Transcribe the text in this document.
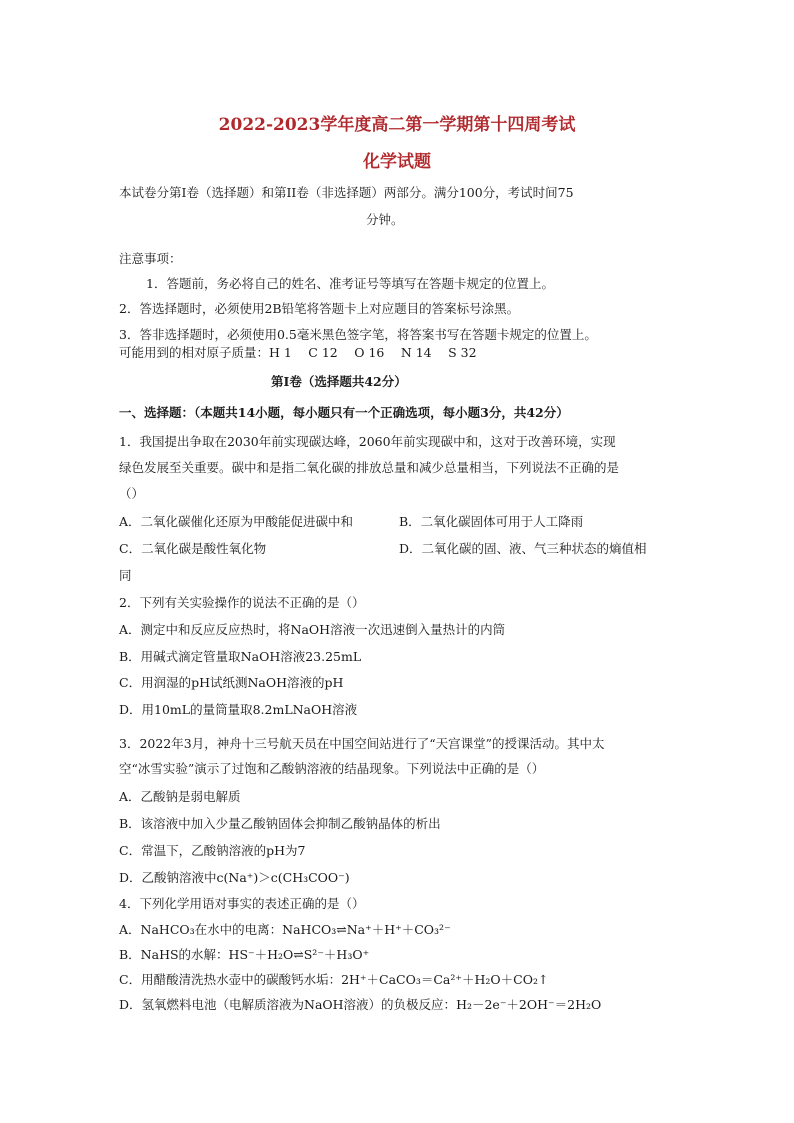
2022-2023学年度高二第一学期第十四周考试
化学试题
本试卷分第Ⅰ卷（选择题）和第II卷（非选择题）两部分。满分100分，考试时间75
分钟。
注意事项：
1．答题前，务必将自己的姓名、准考证号等填写在答题卡规定的位置上。
2．答选择题时，必须使用2B铅笔将答题卡上对应题目的答案标号涂黑。
3．答非选择题时，必须使用0.5毫米黑色签字笔，将答案书写在答题卡规定的位置上。
可能用到的相对原子质量：H 1　 C 12　 O 16　 N 14　 S 32
第Ⅰ卷（选择题共42分）
一、选择题：（本题共14小题，每小题只有一个正确选项，每小题3分，共42分）
1．我国提出争取在2030年前实现碳达峰，2060年前实现碳中和，这对于改善环境，实现
绿色发展至关重要。碳中和是指二氧化碳的排放总量和减少总量相当，下列说法不正确的是
（）
A．二氧化碳催化还原为甲酸能促进碳中和	B．二氧化碳固体可用于人工降雨
C．二氧化碳是酸性氧化物	D．二氧化碳的固、液、气三种状态的熵值相
同
2．下列有关实验操作的说法不正确的是（）
A．测定中和反应反应热时，将NaOH溶液一次迅速倒入量热计的内筒
B．用碱式滴定管量取NaOH溶液23.25mL
C．用润湿的pH试纸测NaOH溶液的pH
D．用10mL的量筒量取8.2mLNaOH溶液
3．2022年3月，神舟十三号航天员在中国空间站进行了“天宫课堂”的授课活动。其中太
空“冰雪实验”演示了过饱和乙酸钠溶液的结晶现象。下列说法中正确的是（）
A．乙酸钠是弱电解质
B．该溶液中加入少量乙酸钠固体会抑制乙酸钠晶体的析出
C．常温下，乙酸钠溶液的pH为7
D．乙酸钠溶液中c(Na⁺)＞c(CH₃COO⁻)
4．下列化学用语对事实的表述正确的是（）
A．NaHCO₃在水中的电离：NaHCO₃⇌Na⁺＋H⁺＋CO₃²⁻
B．NaHS的水解：HS⁻＋H₂O⇌S²⁻＋H₃O⁺
C．用醋酸清洗热水壶中的碳酸钙水垢：2H⁺＋CaCO₃＝Ca²⁺＋H₂O＋CO₂↑
D．氢氧燃料电池（电解质溶液为NaOH溶液）的负极反应：H₂－2e⁻＋2OH⁻＝2H₂O
